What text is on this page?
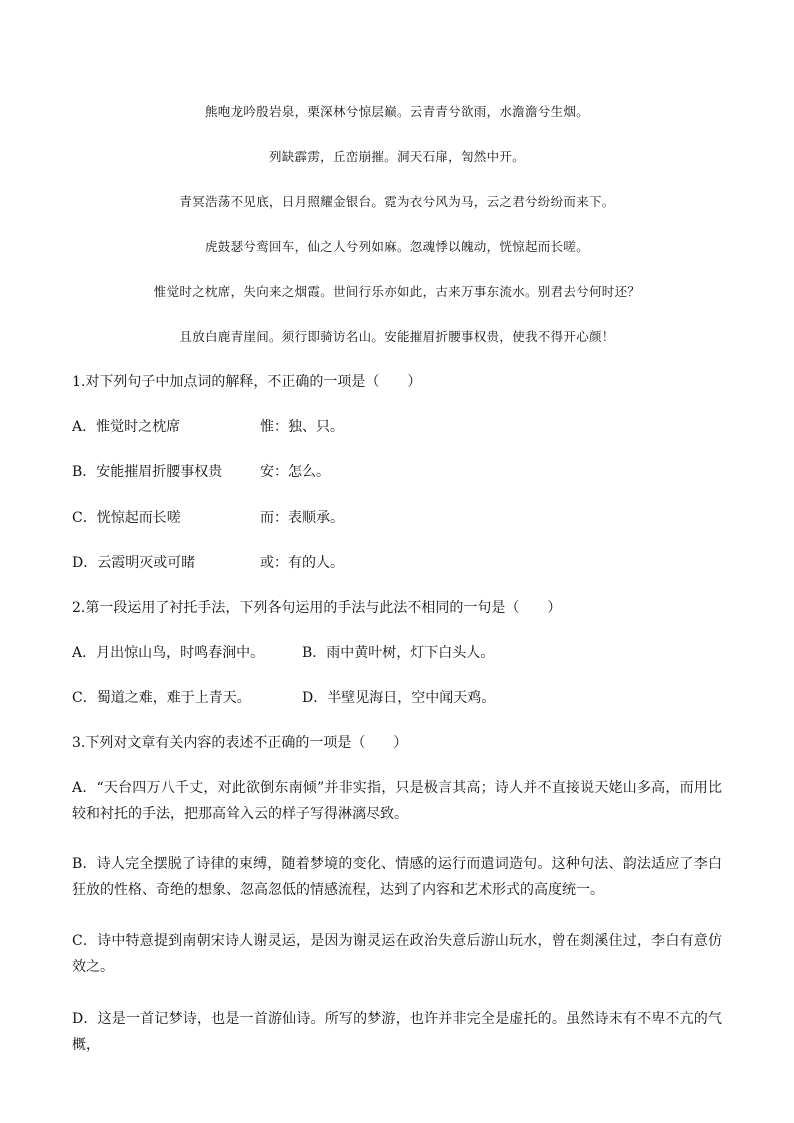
熊咆龙吟殷岩泉，栗深林兮惊层巅。云青青兮欲雨，水澹澹兮生烟。
列缺霹雳，丘峦崩摧。洞天石扉，訇然中开。
青冥浩荡不见底，日月照耀金银台。霓为衣兮风为马，云之君兮纷纷而来下。
虎鼓瑟兮鸾回车，仙之人兮列如麻。忽魂悸以魄动，恍惊起而长嗟。
惟觉时之枕席，失向来之烟霞。世间行乐亦如此，古来万事东流水。别君去兮何时还？
且放白鹿青崖间。须行即骑访名山。安能摧眉折腰事权贵，使我不得开心颜！
1.对下列句子中加点词的解释，不正确的一项是（　　）
A．惟觉时之枕席	惟：独、只。
B．安能摧眉折腰事权贵	安：怎么。
C．恍惊起而长嗟	而：表顺承。
D．云霞明灭或可睹	或：有的人。
2.第一段运用了衬托手法，下列各句运用的手法与此法不相同的一句是（　　）
A．月出惊山鸟，时鸣春涧中。	B．雨中黄叶树，灯下白头人。
C．蜀道之难，难于上青天。	D．半壁见海日，空中闻天鸡。
3.下列对文章有关内容的表述不正确的一项是（　　）
A．“天台四万八千丈，对此欲倒东南倾”并非实指，只是极言其高；诗人并不直接说天姥山多高，而用比较和衬托的手法，把那高耸入云的样子写得淋漓尽致。
B．诗人完全摆脱了诗律的束缚，随着梦境的变化、情感的运行而遣词造句。这种句法、韵法适应了李白狂放的性格、奇绝的想象、忽高忽低的情感流程，达到了内容和艺术形式的高度统一。
C．诗中特意提到南朝宋诗人谢灵运，是因为谢灵运在政治失意后游山玩水，曾在剡溪住过，李白有意仿效之。
D．这是一首记梦诗，也是一首游仙诗。所写的梦游，也许并非完全是虚托的。虽然诗末有不卑不亢的气概，
